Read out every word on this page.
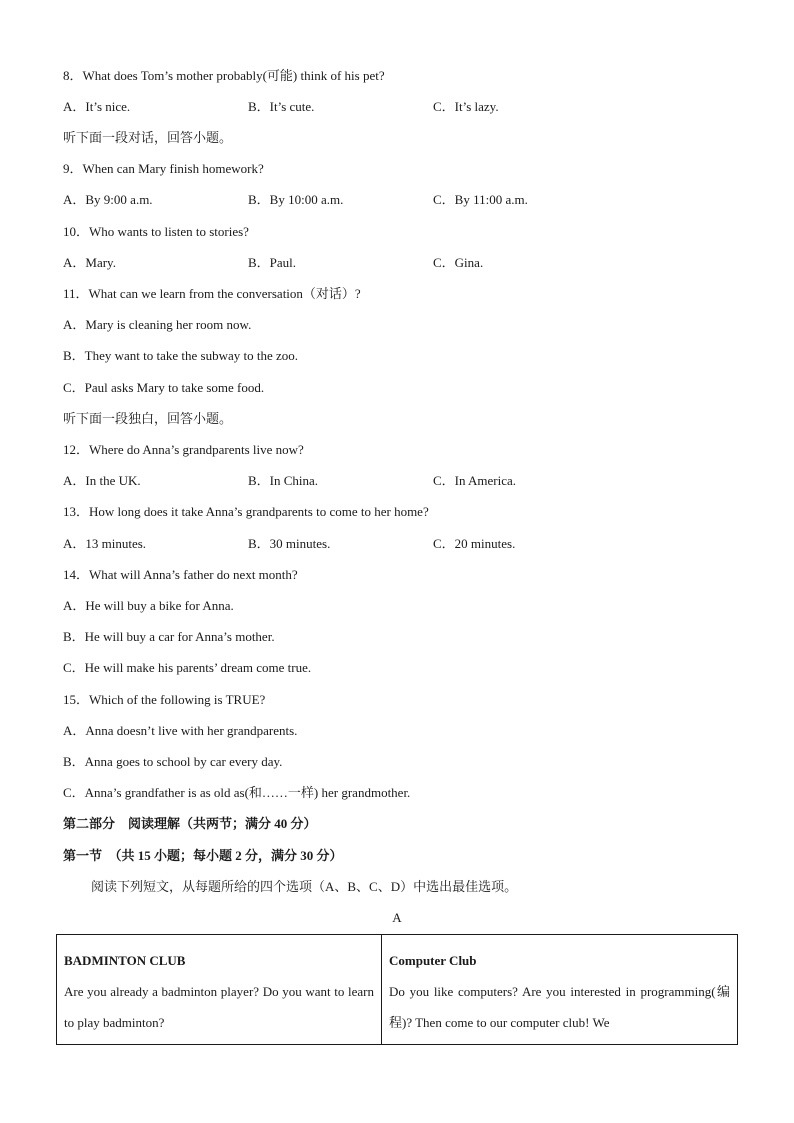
8．What does Tom’s mother probably(可能) think of his pet?
A．It’s nice.	B．It’s cute.	C．It’s lazy.
听下面一段对话，回答小题。
9．When can Mary finish homework?
A．By 9:00 a.m.	B．By 10:00 a.m.	C．By 11:00 a.m.
10．Who wants to listen to stories?
A．Mary.	B．Paul.	C．Gina.
11．What can we learn from the conversation（对话）?
A．Mary is cleaning her room now.
B．They want to take the subway to the zoo.
C．Paul asks Mary to take some food.
听下面一段独白，回答小题。
12．Where do Anna’s grandparents live now?
A．In the UK.	B．In China.	C．In America.
13．How long does it take Anna’s grandparents to come to her home?
A．13 minutes.	B．30 minutes.	C．20 minutes.
14．What will Anna’s father do next month?
A．He will buy a bike for Anna.
B．He will buy a car for Anna’s mother.
C．He will make his parents’ dream come true.
15．Which of the following is TRUE?
A．Anna doesn’t live with her grandparents.
B．Anna goes to school by car every day.
C．Anna’s grandfather is as old as(和……一样) her grandmother.
第二部分　阅读理解（共两节；满分 40 分）
第一节　（共 15 小题；每小题 2 分，满分 30 分）
阅读下列短文，从每题所给的四个选项（A、B、C、D）中选出最佳选项。
A
BADMINTON CLUB
Are you already a badminton player? Do you want to learn to play badminton?

Computer Club
Do you like computers? Are you interested in programming(编程)? Then come to our computer club! We
